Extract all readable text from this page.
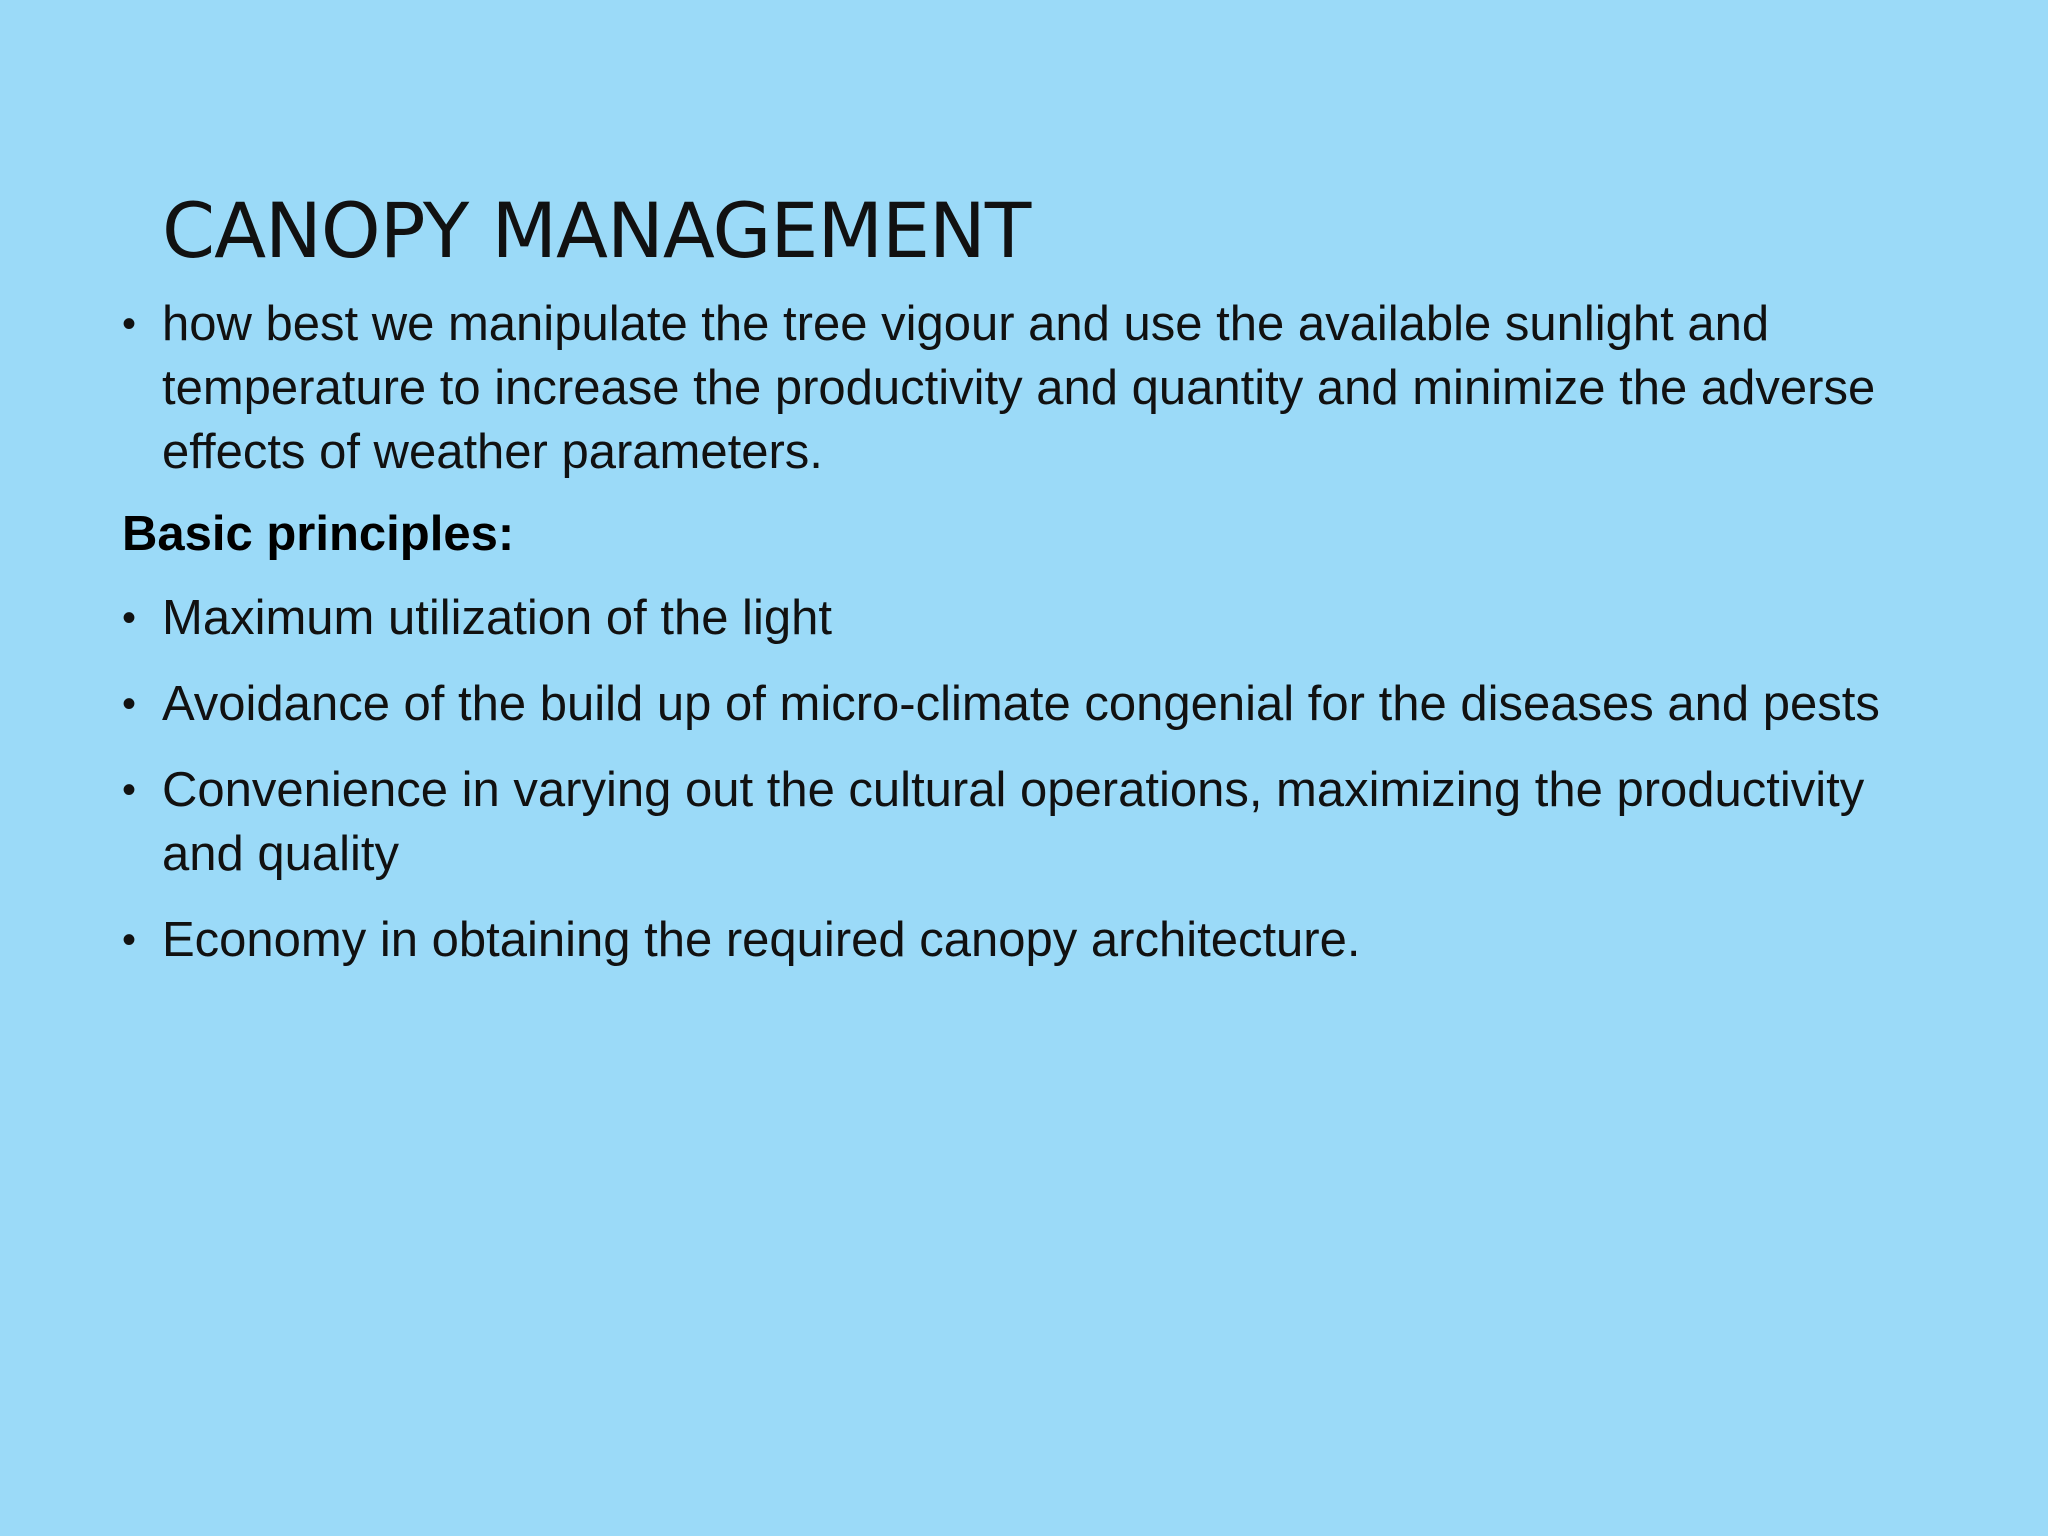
CANOPY MANAGEMENT
• how best we manipulate the tree vigour and use the available sunlight and temperature to increase the productivity and quantity and minimize the adverse effects of weather parameters.
Basic principles:
• Maximum utilization of the light
• Avoidance of the build up of micro-climate congenial for the diseases and pests
• Convenience in varying out the cultural operations, maximizing the productivity and quality
• Economy in obtaining the required canopy architecture.
